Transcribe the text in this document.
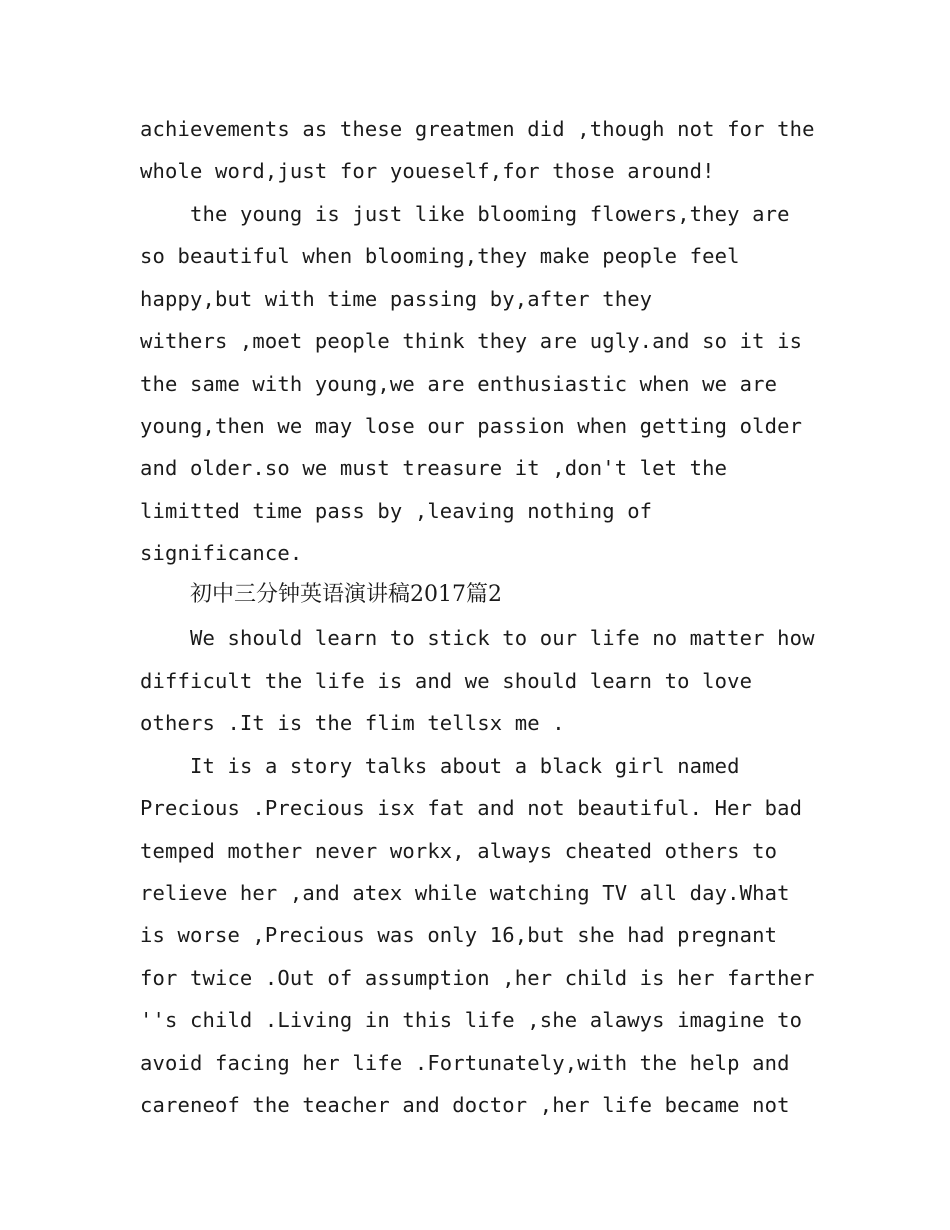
achievements as these greatmen did ,though not for the
whole word,just for youeself,for those around!
the young is just like blooming flowers,they are
so beautiful when blooming,they make people feel
happy,but with time passing by,after they
withers ,moet people think they are ugly.and so it is
the same with young,we are enthusiastic when we are
young,then we may lose our passion when getting older
and older.so we must treasure it ,don't let the
limitted time pass by ,leaving nothing of
significance.
初中三分钟英语演讲稿2017篇2
We should learn to stick to our life no matter how
difficult the life is and we should learn to love
others .It is the flim tellsx me .
It is a story talks about a black girl named
Precious .Precious isx fat and not beautiful. Her bad
temped mother never workx, always cheated others to
relieve her ,and atex while watching TV all day.What
is worse ,Precious was only 16,but she had pregnant
for twice .Out of assumption ,her child is her farther
''s child .Living in this life ,she alawys imagine to
avoid facing her life .Fortunately,with the help and
careneof the teacher and doctor ,her life became not
